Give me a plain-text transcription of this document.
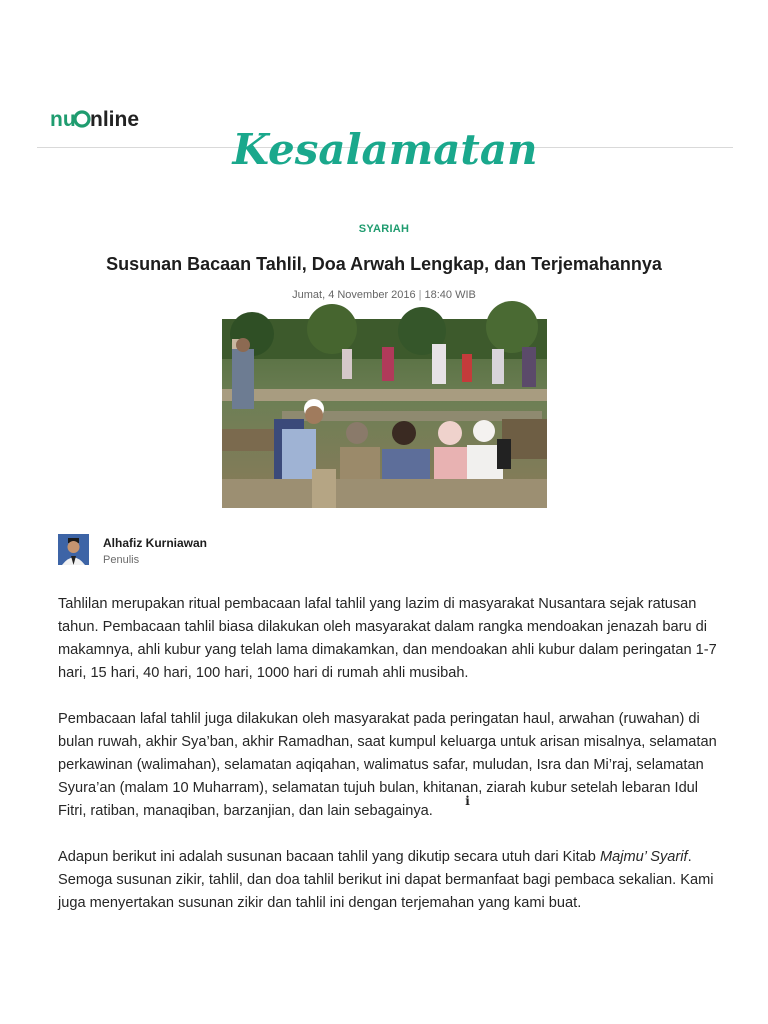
nu nline
Kesalamatan
SYARIAH
Susunan Bacaan Tahlil, Doa Arwah Lengkap, dan Terjemahannya
Jumat, 4 November 2016 | 18:40 WIB
i
Alhafiz Kurniawan
Penulis

Tahlilan merupakan ritual pembacaan lafal tahlil yang lazim di masyarakat Nusantara sejak ratusan tahun. Pembacaan tahlil biasa dilakukan oleh masyarakat dalam rangka mendoakan jenazah baru di makamnya, ahli kubur yang telah lama dimakamkan, dan mendoakan ahli kubur dalam peringatan 1-7 hari, 15 hari, 40 hari, 100 hari, 1000 hari di rumah ahli musibah.

Pembacaan lafal tahlil juga dilakukan oleh masyarakat pada peringatan haul, arwahan (ruwahan) di bulan ruwah, akhir Sya’ban, akhir Ramadhan, saat kumpul keluarga untuk arisan misalnya, selamatan perkawinan (walimahan), selamatan aqiqahan, walimatus safar, muludan, Isra dan Mi’raj, selamatan Syura’an (malam 10 Muharram), selamatan tujuh bulan, khitanan, ziarah kubur setelah lebaran Idul Fitri, ratiban, manaqiban, barzanjian, dan lain sebagainya.

Adapun berikut ini adalah susunan bacaan tahlil yang dikutip secara utuh dari Kitab Majmu’ Syarif. Semoga susunan zikir, tahlil, dan doa tahlil berikut ini dapat bermanfaat bagi pembaca sekalian. Kami juga menyertakan susunan zikir dan tahlil ini dengan terjemahan yang kami buat.
